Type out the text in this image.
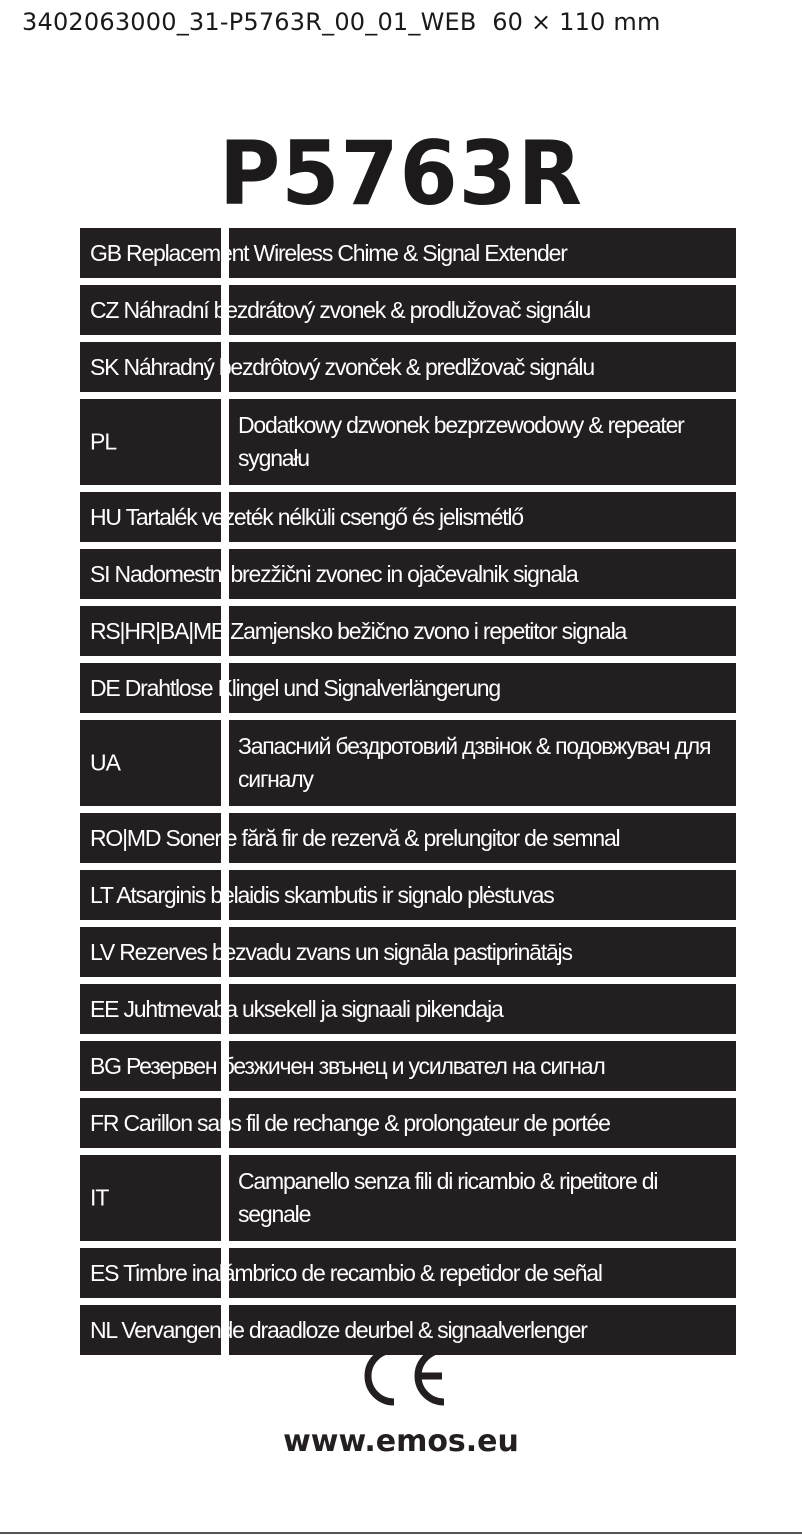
3402063000_31-P5763R_00_01_WEB  60 × 110 mm
P5763R
GB Replacement Wireless Chime & Signal Extender
CZ Náhradní bezdrátový zvonek & prodlužovač signálu
SK Náhradný bezdrôtový zvonček & predlžovač signálu
PL
Dodatkowy dzwonek bezprzewodowy & repeater sygnału
HU Tartalék vezeték nélküli csengő és jelismétlő
SI Nadomestni brezžični zvonec in ojačevalnik signala
RS|HR|BA|ME Zamjensko bežično zvono i repetitor signala
DE Drahtlose Klingel und Signalverlängerung
UA
Запасний бездротовий дзвінок & подовжувач для сигналу
RO|MD Sonerie fără fir de rezervă & prelungitor de semnal
LT Atsarginis belaidis skambutis ir signalo plėstuvas
LV Rezerves bezvadu zvans un signāla pastiprinātājs
EE Juhtmevaba uksekell ja signaali pikendaja
BG Резервен безжичен звънец и усилвател на сигнал
FR Carillon sans fil de rechange & prolongateur de portée
IT
Campanello senza fili di ricambio & ripetitore di segnale
ES Timbre inalámbrico de recambio & repetidor de señal
NL Vervangende draadloze deurbel & signaalverlenger
www.emos.eu
